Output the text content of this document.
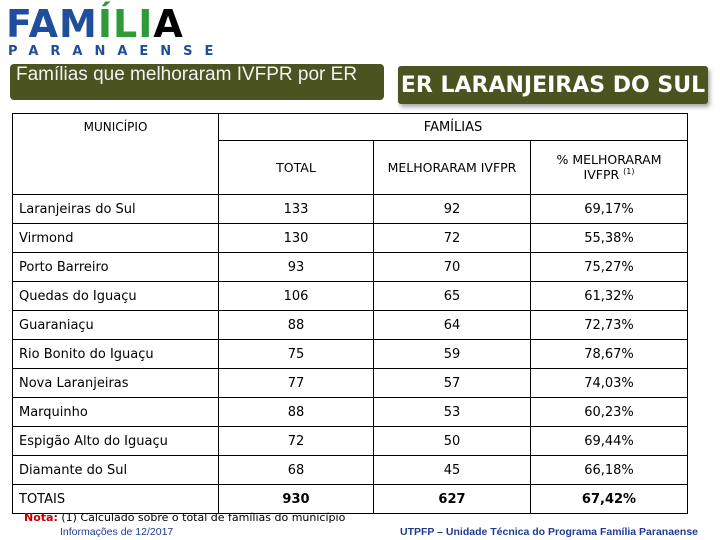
FAMÍLIA
PARANAENSE
Famílias que melhoraram IVFPR por ER	ER LARANJEIRAS DO SUL
MUNICÍPIO	FAMÍLIAS		
	TOTAL	MELHORARAM IVFPR	% MELHORARAM IVFPR $^{(1)}$
Laranjeiras do Sul	133	92	69,17%
Virmond	130	72	55,38%
Porto Barreiro	93	70	75,27%
Quedas do Iguaçu	106	65	61,32%
Guaraniaçu	88	64	72,73%
Rio Bonito do Iguaçu	75	59	78,67%
Nova Laranjeiras	77	57	74,03%
Marquinho	88	53	60,23%
Espigão Alto do Iguaçu	72	50	69,44%
Diamante do Sul	68	45	66,18%
TOTAIS	930	627	67,42%
Nota: (1) Calculado sobre o total de famílias do município
Informações de 12/2017	UTPFP – Unidade Técnica do Programa Família Paranaense
